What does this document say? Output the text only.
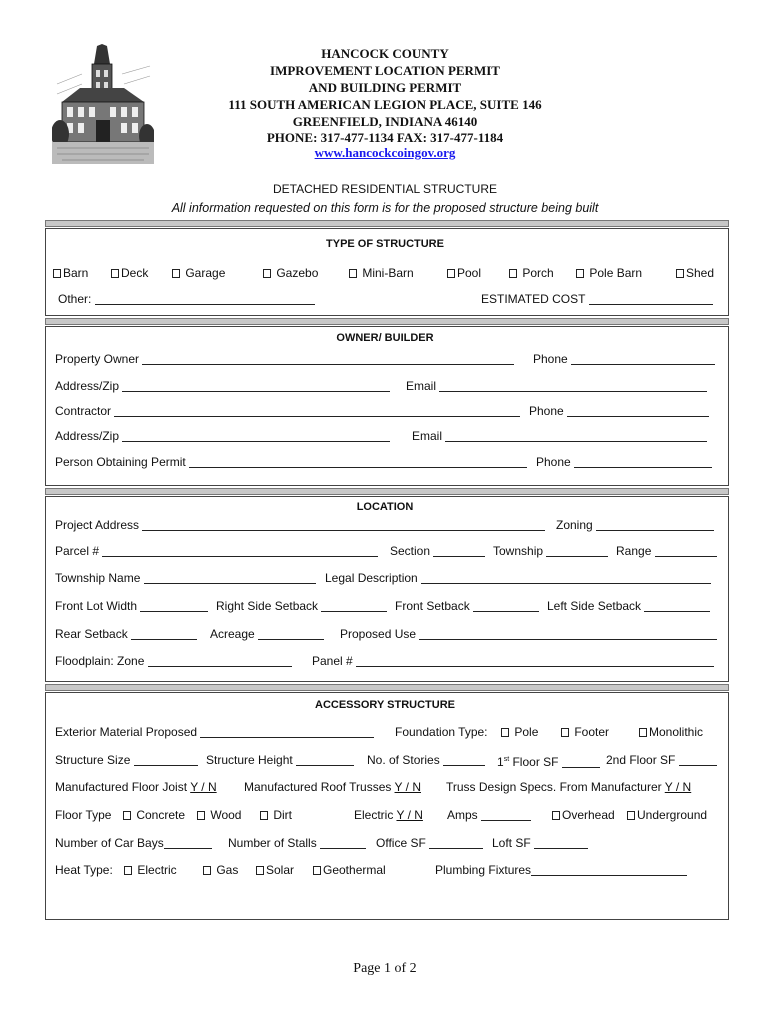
HANCOCK COUNTY
IMPROVEMENT LOCATION PERMIT
AND BUILDING PERMIT
111 SOUTH AMERICAN LEGION PLACE, SUITE 146
GREENFIELD, INDIANA 46140
PHONE: 317-477-1134 FAX: 317-477-1184
www.hancockcoingov.org
DETACHED RESIDENTIAL STRUCTURE
All information requested on this form is for the proposed structure being built
TYPE OF STRUCTURE
Barn	Deck	Garage	Gazebo	Mini-Barn	Pool	Porch	Pole Barn	Shed
Other:	ESTIMATED COST
OWNER/ BUILDER
Property Owner	Phone
Address/Zip	Email
Contractor	Phone
Address/Zip	Email
Person Obtaining Permit	Phone
LOCATION
Project Address	Zoning
Parcel #	Section	Township	Range
Township Name	Legal Description
Front Lot Width	Right Side Setback	Front Setback	Left Side Setback
Rear Setback	Acreage	Proposed Use
Floodplain: Zone	Panel #
ACCESSORY STRUCTURE
Exterior Material Proposed	Foundation Type:	Pole	Footer	Monolithic
Structure Size	Structure Height	No. of Stories	1st Floor SF	2nd Floor SF
Manufactured Floor Joist Y / N Manufactured Roof Trusses Y / N Truss Design Specs. From Manufacturer Y / N
Floor Type	Concrete	Wood	Dirt	Electric Y / N Amps	Overhead	Underground
Number of Car Bays	Number of Stalls	Office SF	Loft SF
Heat Type:	Electric	Gas	Solar	Geothermal	Plumbing Fixtures
Page 1 of 2
